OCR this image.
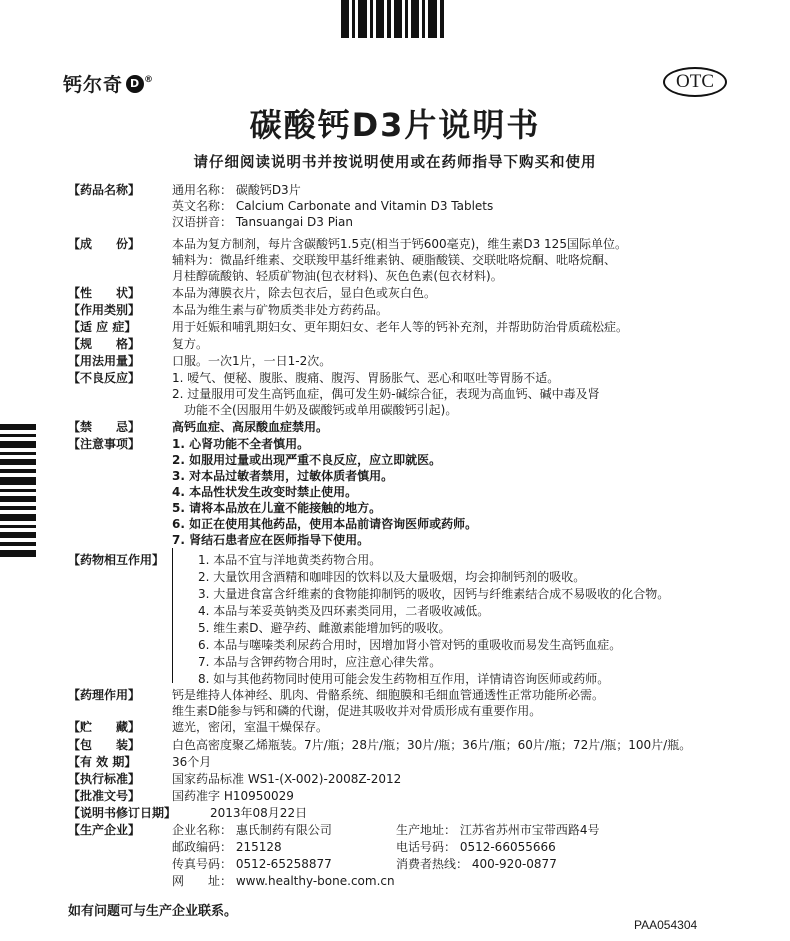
钙尔奇 D ®	OTC
碳酸钙D3片说明书
请仔细阅读说明书并按说明使用或在药师指导下购买和使用
【药品名称】	通用名称： 碳酸钙D3片
英文名称： Calcium Carbonate and Vitamin D3 Tablets
汉语拼音： Tansuangai D3 Pian
【成　　份】	本品为复方制剂，每片含碳酸钙1.5克(相当于钙600毫克)，维生素D3 125国际单位。
辅料为：微晶纤维素、交联羧甲基纤维素钠、硬脂酸镁、交联吡咯烷酮、吡咯烷酮、
月桂醇硫酸钠、轻质矿物油(包衣材料)、灰色色素(包衣材料)。
【性　　状】	本品为薄膜衣片，除去包衣后，显白色或灰白色。
【作用类别】	本品为维生素与矿物质类非处方药药品。
【适 应 症】	用于妊娠和哺乳期妇女、更年期妇女、老年人等的钙补充剂，并帮助防治骨质疏松症。
【规　　格】	复方。
【用法用量】	口服。一次1片，一日1-2次。
【不良反应】	1. 嗳气、便秘、腹胀、腹痛、腹泻、胃肠胀气、恶心和呕吐等胃肠不适。
2. 过量服用可发生高钙血症，偶可发生奶-碱综合征，表现为高血钙、碱中毒及肾
功能不全(因服用牛奶及碳酸钙或单用碳酸钙引起)。
【禁　　忌】	高钙血症、高尿酸血症禁用。
【注意事项】	1. 心肾功能不全者慎用。
2. 如服用过量或出现严重不良反应，应立即就医。
3. 对本品过敏者禁用，过敏体质者慎用。
4. 本品性状发生改变时禁止使用。
5. 请将本品放在儿童不能接触的地方。
6. 如正在使用其他药品，使用本品前请咨询医师或药师。
7. 肾结石患者应在医师指导下使用。
【药物相互作用】	1. 本品不宜与洋地黄类药物合用。
2. 大量饮用含酒精和咖啡因的饮料以及大量吸烟，均会抑制钙剂的吸收。
3. 大量进食富含纤维素的食物能抑制钙的吸收，因钙与纤维素结合成不易吸收的化合物。
4. 本品与苯妥英钠类及四环素类同用，二者吸收减低。
5. 维生素D、避孕药、雌激素能增加钙的吸收。
6. 本品与噻嗪类利尿药合用时，因增加肾小管对钙的重吸收而易发生高钙血症。
7. 本品与含钾药物合用时，应注意心律失常。
8. 如与其他药物同时使用可能会发生药物相互作用，详情请咨询医师或药师。
【药理作用】	钙是维持人体神经、肌肉、骨骼系统、细胞膜和毛细血管通透性正常功能所必需。
维生素D能参与钙和磷的代谢，促进其吸收并对骨质形成有重要作用。
【贮　　藏】	遮光，密闭，室温干燥保存。
【包　　装】	白色高密度聚乙烯瓶装。7片/瓶；28片/瓶；30片/瓶；36片/瓶；60片/瓶；72片/瓶；100片/瓶。
【有 效 期】	36个月
【执行标准】	国家药品标准 WS1-(X-002)-2008Z-2012
【批准文号】	国药准字 H10950029
【说明书修订日期】	2013年08月22日
【生产企业】	企业名称： 惠氏制药有限公司	生产地址： 江苏省苏州市宝带西路4号
邮政编码： 215128	电话号码： 0512-66055666
传真号码： 0512-65258877	消费者热线： 400-920-0877
网　　址： www.healthy-bone.com.cn
如有问题可与生产企业联系。
PAA054304
